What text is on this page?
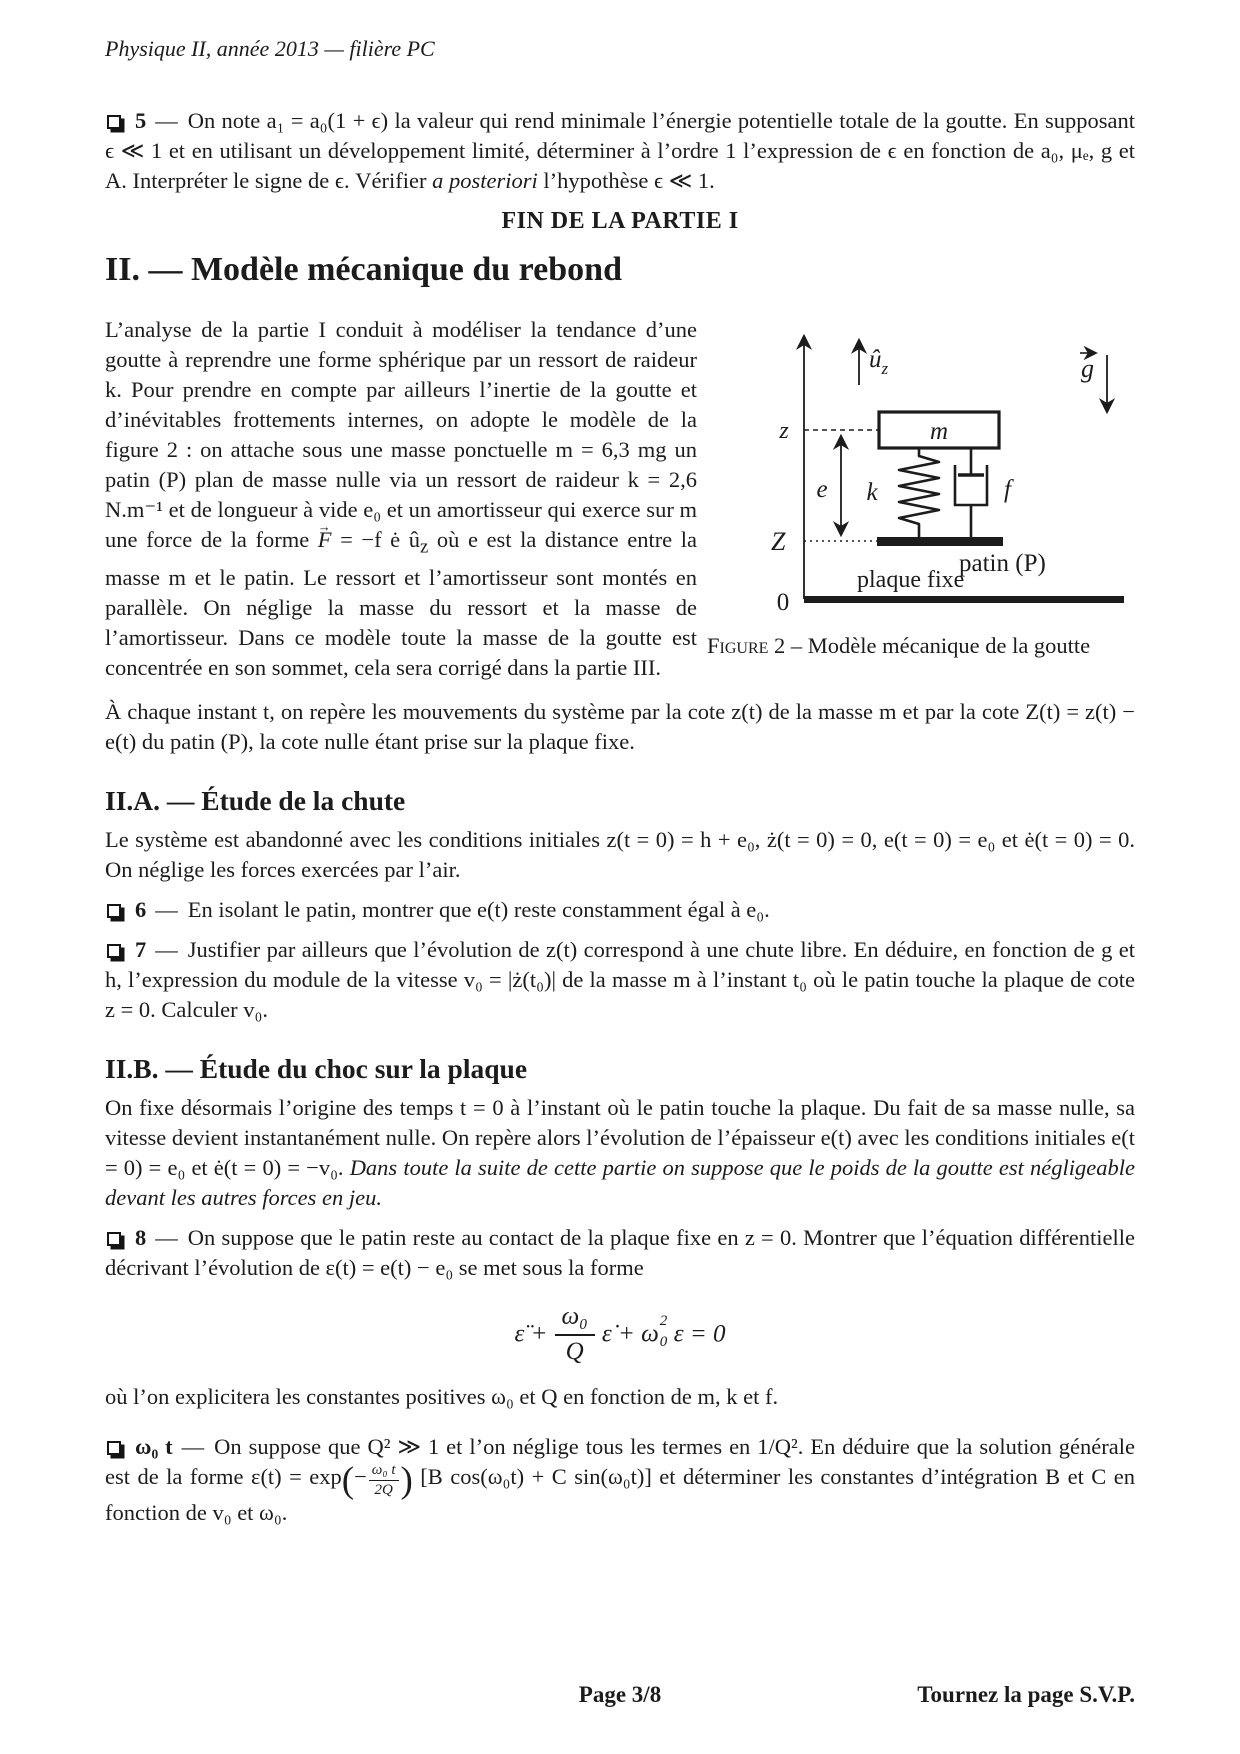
Physique II, année 2013 — filière PC

5 — On note a₁ = a₀(1 + ϵ) la valeur qui rend minimale l’énergie potentielle totale de la goutte. En supposant ϵ ≪ 1 et en utilisant un développement limité, déterminer à l’ordre 1 l’expression de ϵ en fonction de a₀, μₑ, g et A. Interpréter le signe de ϵ. Vérifier a posteriori l’hypothèse ϵ ≪ 1.

FIN DE LA PARTIE I
II. — Modèle mécanique du rebond
0
plaque fixe
$û_z$	g
z
Z
e
m
k	f
patin (P)
Figure 2 – Modèle mécanique de la goutte

L’analyse de la partie I conduit à modéliser la tendance d’une goutte à reprendre une forme sphérique par un ressort de raideur k. Pour prendre en compte par ailleurs l’inertie de la goutte et d’inévitables frottements internes, on adopte le modèle de la figure 2 : on attache sous une masse ponctuelle m = 6,3 mg un patin (P) plan de masse nulle via un ressort de raideur k = 2,6 N.m⁻¹ et de longueur à vide e₀ et un amortisseur qui exerce sur m une force de la forme F → = −f ė $û_z$ où e est la distance entre la masse m et le patin. Le ressort et l’amortisseur sont montés en parallèle. On néglige la masse du ressort et la masse de l’amortisseur. Dans ce modèle toute la masse de la goutte est concentrée en son sommet, cela sera corrigé dans la partie III.

À chaque instant t, on repère les mouvements du système par la cote z(t) de la masse m et par la cote Z(t) = z(t) − e(t) du patin (P), la cote nulle étant prise sur la plaque fixe.

II.A. — Étude de la chute

Le système est abandonné avec les conditions initiales z(t = 0) = h + e₀, ż(t = 0) = 0, e(t = 0) = e₀ et ė(t = 0) = 0. On néglige les forces exercées par l’air.

6 — En isolant le patin, montrer que e(t) reste constamment égal à e₀.

7 — Justifier par ailleurs que l’évolution de z(t) correspond à une chute libre. En déduire, en fonction de g et h, l’expression du module de la vitesse v₀ = |ż(t₀)| de la masse m à l’instant t₀ où le patin touche la plaque de cote z = 0. Calculer v₀.

II.B. — Étude du choc sur la plaque

On fixe désormais l’origine des temps t = 0 à l’instant où le patin touche la plaque. Du fait de sa masse nulle, sa vitesse devient instantanément nulle. On repère alors l’évolution de l’épaisseur e(t) avec les conditions initiales e(t = 0) = e₀ et ė(t = 0) = −v₀. Dans toute la suite de cette partie on suppose que le poids de la goutte est négligeable devant les autres forces en jeu.

8 — On suppose que le patin reste au contact de la plaque fixe en z = 0. Montrer que l’équation différentielle décrivant l’évolution de ε(t) = e(t) − e₀ se met sous la forme

ε̈ + $\frac{\text{ω₀}}{Q}$ ε̇ + ω 2
0 ε = 0

où l’on explicitera les constantes positives ω₀ et Q en fonction de m, k et f.

ω₀ t — On suppose que Q² ≫ 1 et l’on néglige tous les termes en 1/Q². En déduire que la solution générale est de la forme $\varepsilon(t) = \exp(- \frac{\text{ω₀ t}}{2Q}$ ) [B cos(ω₀t) + C sin(ω₀t)] et déterminer les constantes d’intégration B et C en fonction de v₀ et ω₀.

Page 3/8	Tournez la page S.V.P.
